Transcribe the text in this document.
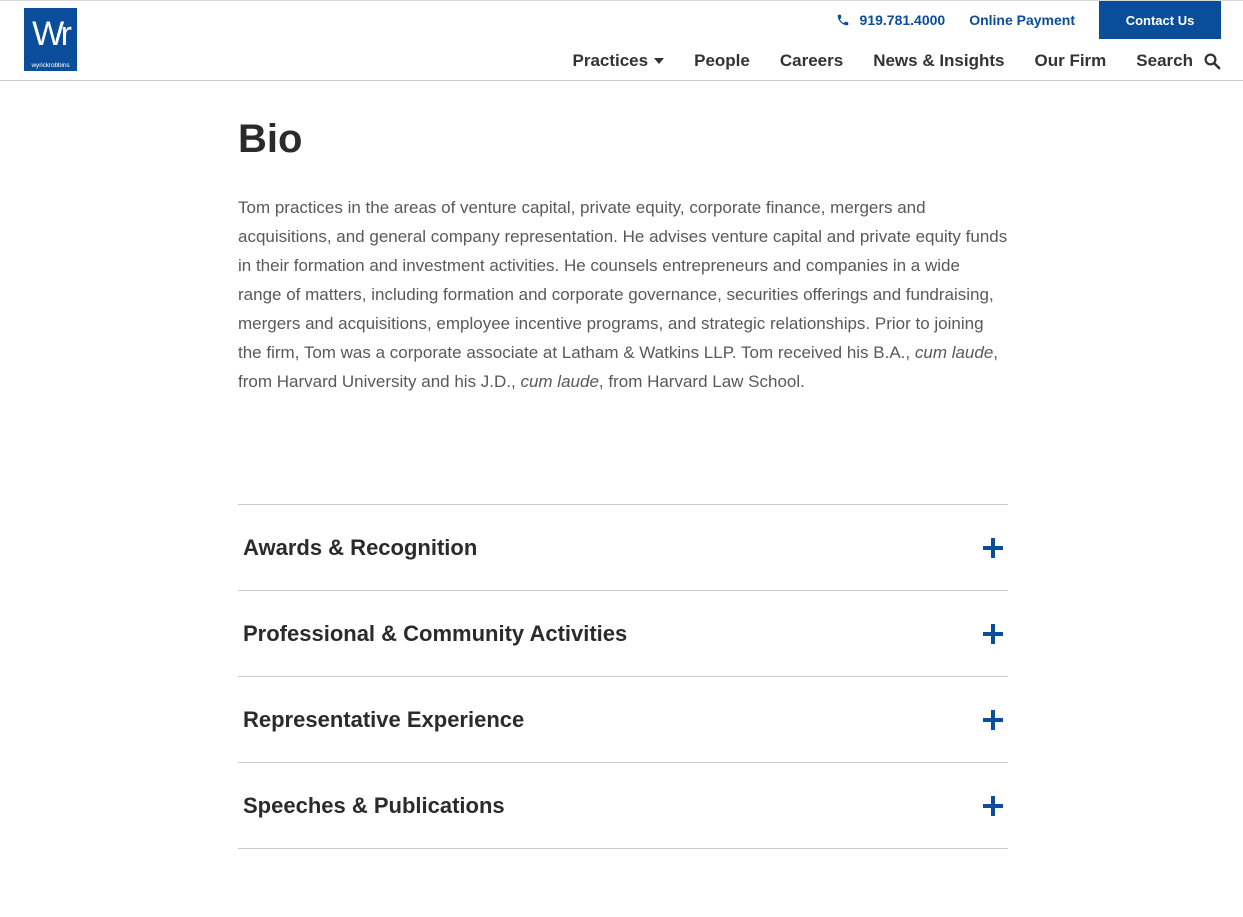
Wr
wyrickrobbins
919.781.4000 Online Payment	Contact Us
Practices	People Careers News & Insights Our Firm Search
Bio

Tom practices in the areas of venture capital, private equity, corporate finance, mergers and acquisitions, and general company representation. He advises venture capital and private equity funds in their formation and investment activities. He counsels entrepreneurs and companies in a wide range of matters, including formation and corporate governance, securities offerings and fundraising, mergers and acquisitions, employee incentive programs, and strategic relationships. Prior to joining the firm, Tom was a corporate associate at Latham & Watkins LLP. Tom received his B.A., cum laude, from Harvard University and his J.D., cum laude, from Harvard Law School.

Awards & Recognition
Professional & Community Activities
Representative Experience
Speeches & Publications
